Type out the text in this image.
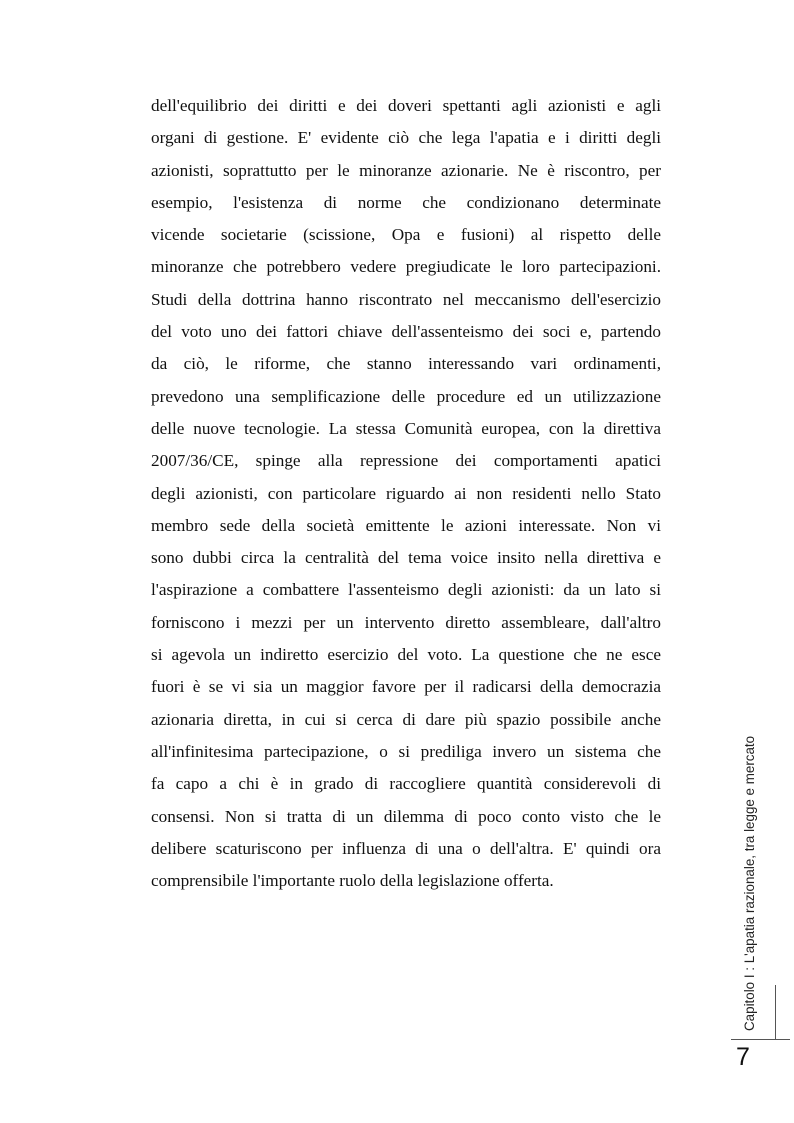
dell'equilibrio dei diritti e dei doveri spettanti agli azionisti e agli
organi di gestione. E' evidente ciò che lega l'apatia e i diritti degli
azionisti, soprattutto per le minoranze azionarie. Ne è riscontro, per
esempio, l'esistenza di norme che condizionano determinate
vicende societarie (scissione, Opa e fusioni) al rispetto delle
minoranze che potrebbero vedere pregiudicate le loro partecipazioni.
Studi della dottrina hanno riscontrato nel meccanismo dell'esercizio
del voto uno dei fattori chiave dell'assenteismo dei soci e, partendo
da ciò, le riforme, che stanno interessando vari ordinamenti,
prevedono una semplificazione delle procedure ed un utilizzazione
delle nuove tecnologie. La stessa Comunità europea, con la direttiva
2007/36/CE, spinge alla repressione dei comportamenti apatici
degli azionisti, con particolare riguardo ai non residenti nello Stato
membro sede della società emittente le azioni interessate. Non vi
sono dubbi circa la centralità del tema voice insito nella direttiva e
l'aspirazione a combattere l'assenteismo degli azionisti: da un lato si
forniscono i mezzi per un intervento diretto assembleare, dall'altro
si agevola un indiretto esercizio del voto. La questione che ne esce
fuori è se vi sia un maggior favore per il radicarsi della democrazia
azionaria diretta, in cui si cerca di dare più spazio possibile anche
all'infinitesima partecipazione, o si prediliga invero un sistema che
fa capo a chi è in grado di raccogliere quantità considerevoli di
consensi. Non si tratta di un dilemma di poco conto visto che le
delibere scaturiscono per influenza di una o dell'altra. E' quindi ora
comprensibile l'importante ruolo della legislazione offerta.	Capitolo I : L'apatia razionale, tra legge e mercato
7
